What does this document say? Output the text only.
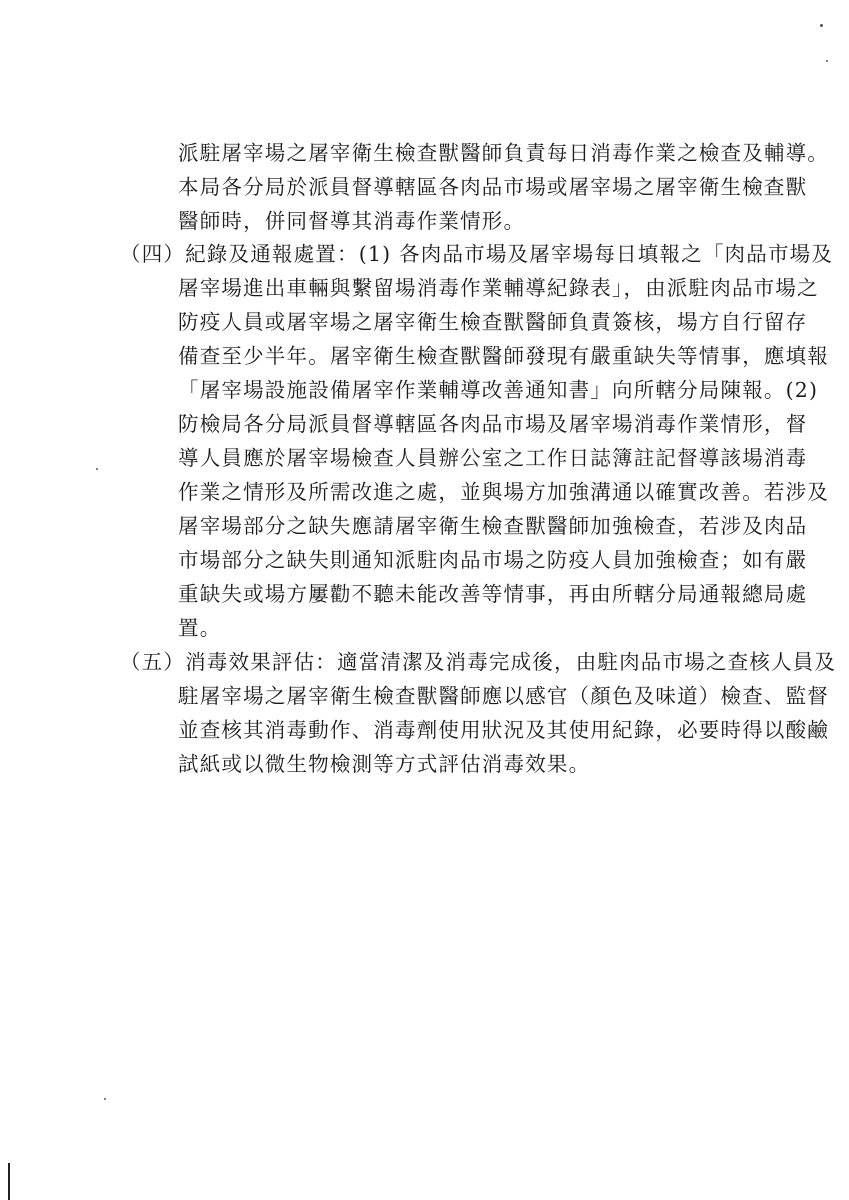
派駐屠宰場之屠宰衛生檢查獸醫師負責每日消毒作業之檢查及輔導。
本局各分局於派員督導轄區各肉品市場或屠宰場之屠宰衛生檢查獸
醫師時，併同督導其消毒作業情形。
（四）紀錄及通報處置：(1) 各肉品市場及屠宰場每日填報之「肉品市場及
屠宰場進出車輛與繫留場消毒作業輔導紀錄表」，由派駐肉品市場之
防疫人員或屠宰場之屠宰衛生檢查獸醫師負責簽核，場方自行留存
備查至少半年。屠宰衛生檢查獸醫師發現有嚴重缺失等情事，應填報
「屠宰場設施設備屠宰作業輔導改善通知書」向所轄分局陳報。(2)
防檢局各分局派員督導轄區各肉品市場及屠宰場消毒作業情形，督
導人員應於屠宰場檢查人員辦公室之工作日誌簿註記督導該場消毒
作業之情形及所需改進之處，並與場方加強溝通以確實改善。若涉及
屠宰場部分之缺失應請屠宰衛生檢查獸醫師加強檢查，若涉及肉品
市場部分之缺失則通知派駐肉品市場之防疫人員加強檢查；如有嚴
重缺失或場方屢勸不聽未能改善等情事，再由所轄分局通報總局處
置。
（五）消毒效果評估：適當清潔及消毒完成後，由駐肉品市場之查核人員及
駐屠宰場之屠宰衛生檢查獸醫師應以感官（顏色及味道）檢查、監督
並查核其消毒動作、消毒劑使用狀況及其使用紀錄，必要時得以酸鹼
試紙或以微生物檢測等方式評估消毒效果。
